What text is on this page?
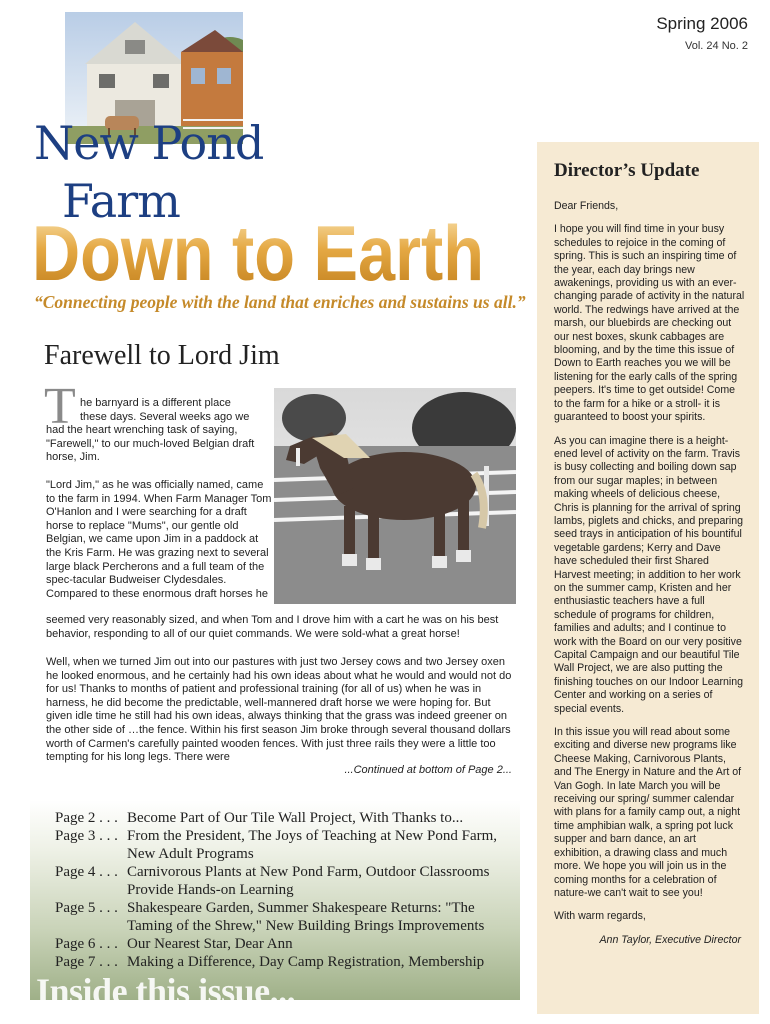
Spring 2006
Vol. 24 No. 2
New Pond
Farm
Down to Earth
“Connecting people with the land that enriches and sustains us all.”
Farewell to Lord Jim
T he barnyard is a different place
these days. Several weeks ago we
had the heart wrenching task of saying, "Farewell," to our much-loved Belgian draft horse, Jim.
"Lord Jim," as he was officially named, came to the farm in 1994. When Farm Manager Tom O'Hanlon and I were searching for a draft horse to replace "Mums", our gentle old Belgian, we came upon Jim in a paddock at the Kris Farm. He was grazing next to several large black Percherons and a full team of the spec-tacular Budweiser Clydesdales. Compared to these enormous draft horses he
seemed very reasonably sized, and when Tom and I drove him with a cart he was on his best behavior, responding to all of our quiet commands. We were sold-what a great horse!
Well, when we turned Jim out into our pastures with just two Jersey cows and two Jersey oxen he looked enormous, and he certainly had his own ideas about what he would and would not do for us! Thanks to months of patient and professional training (for all of us) when he was in harness, he did become the predictable, well-mannered draft horse we were hoping for. But given idle time he still had his own ideas, always thinking that the grass was indeed greener on the other side of …the fence. Within his first season Jim broke through several thousand dollars worth of Carmen's carefully painted wooden fences. With just three rails they were a little too tempting for his long legs. There were
...Continued at bottom of Page 2...
Page 2 . . . Become Part of Our Tile Wall Project, With Thanks to...
Page 3 . . . From the President, The Joys of Teaching at New Pond Farm,
New Adult Programs
Page 4 . . . Carnivorous Plants at New Pond Farm, Outdoor Classrooms
Provide Hands-on Learning
Page 5 . . . Shakespeare Garden, Summer Shakespeare Returns: "The
Taming of the Shrew," New Building Brings Improvements
Page 6 . . . Our Nearest Star, Dear Ann
Page 7 . . . Making a Difference, Day Camp Registration, Membership
Inside this issue...
Director’s Update
Dear Friends,
I hope you will find time in your busy schedules to rejoice in the coming of spring. This is such an inspiring time of the year, each day brings new awakenings, providing us with an ever-changing parade of activity in the natural world. The redwings have arrived at the marsh, our bluebirds are checking out our nest boxes, skunk cabbages are blooming, and by the time this issue of Down to Earth reaches you we will be listening for the early calls of the spring peepers. It's time to get outside! Come to the farm for a hike or a stroll- it is guaranteed to boost your spirits.
As you can imagine there is a height-ened level of activity on the farm. Travis is busy collecting and boiling down sap from our sugar maples; in between making wheels of delicious cheese, Chris is planning for the arrival of spring lambs, piglets and chicks, and preparing seed trays in anticipation of his bountiful vegetable gardens; Kerry and Dave have scheduled their first Shared Harvest meeting; in addition to her work on the summer camp, Kristen and her enthusiastic teachers have a full schedule of programs for children, families and adults; and I continue to work with the Board on our very positive Capital Campaign and our beautiful Tile Wall Project, we are also putting the finishing touches on our Indoor Learning Center and working on a series of special events.
In this issue you will read about some exciting and diverse new programs like Cheese Making, Carnivorous Plants, and The Energy in Nature and the Art of Van Gogh. In late March you will be receiving our spring/ summer calendar with plans for a family camp out, a night time amphibian walk, a spring pot luck supper and barn dance, an art exhibition, a drawing class and much more. We hope you will join us in the coming months for a celebration of nature-we can't wait to see you!
With warm regards,
Ann Taylor, Executive Director
